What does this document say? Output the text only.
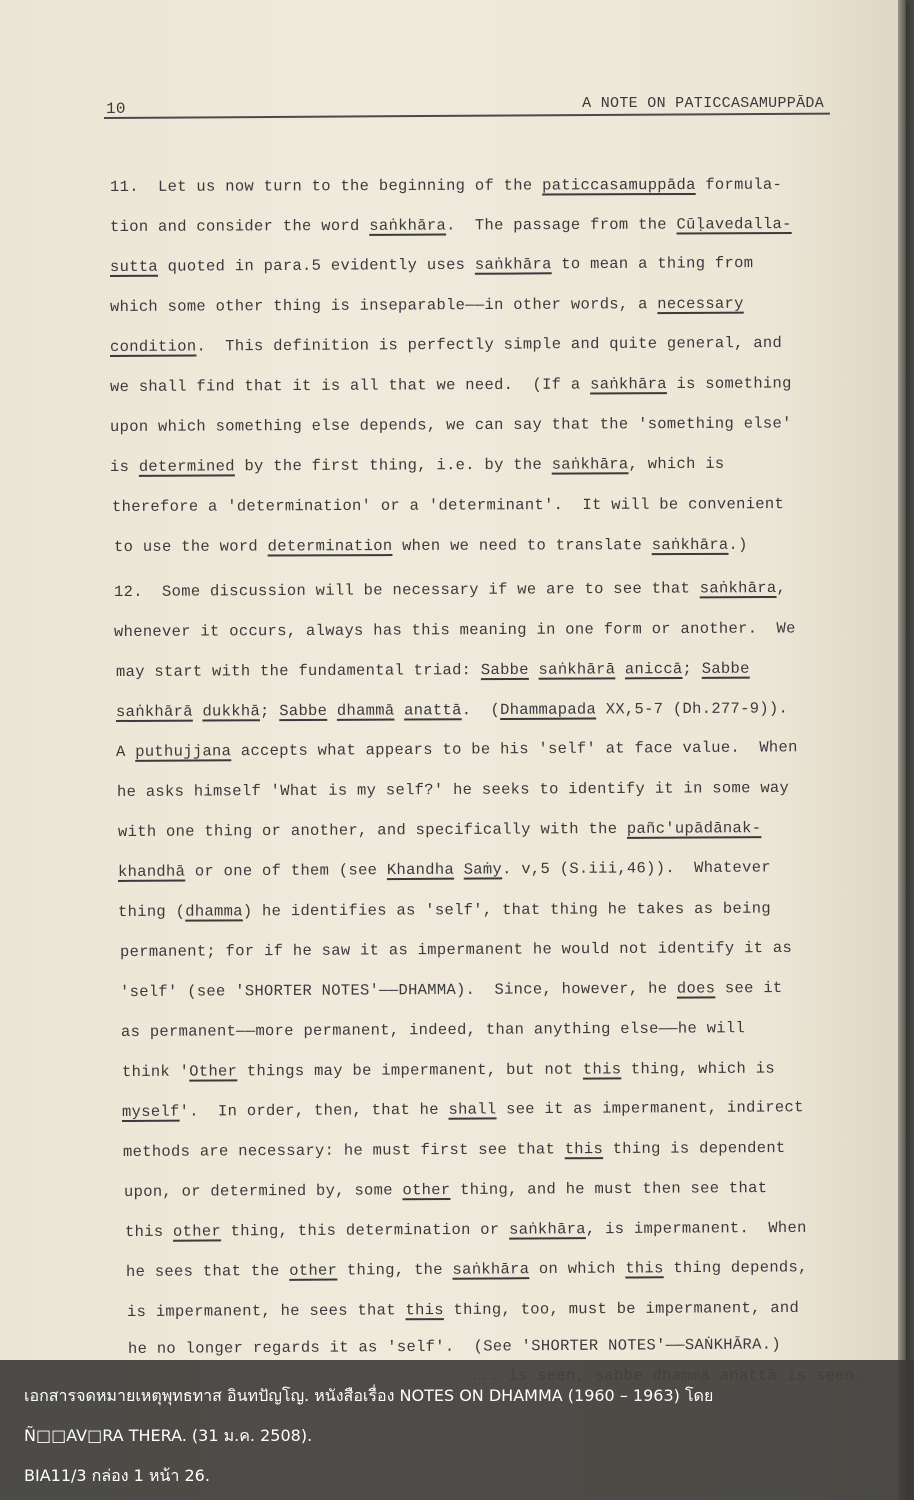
10	A NOTE ON PATICCASAMUPPĀDA
11.  Let us now turn to the beginning of the paticcasamuppāda formula-
tion and consider the word saṅkhāra.  The passage from the Cūḷavedalla-
sutta quoted in para.5 evidently uses saṅkhāra to mean a thing from
which some other thing is inseparable——in other words, a necessary
condition.  This definition is perfectly simple and quite general, and
we shall find that it is all that we need.  (If a saṅkhāra is something
upon which something else depends, we can say that the 'something else'
is determined by the first thing, i.e. by the saṅkhāra, which is
therefore a 'determination' or a 'determinant'.  It will be convenient
to use the word determination when we need to translate saṅkhāra.)
12.  Some discussion will be necessary if we are to see that saṅkhāra,
whenever it occurs, always has this meaning in one form or another.  We
may start with the fundamental triad: Sabbe saṅkhārā aniccā; Sabbe
saṅkhārā dukkhā; Sabbe dhammā anattā.  (Dhammapada XX,5-7 (Dh.277-9)).
A puthujjana accepts what appears to be his 'self' at face value.  When
he asks himself 'What is my self?' he seeks to identify it in some way
with one thing or another, and specifically with the pañc'upādānak-
khandhā or one of them (see Khandha Saṁy. v,5 (S.iii,46)).  Whatever
thing (dhamma) he identifies as 'self', that thing he takes as being
permanent; for if he saw it as impermanent he would not identify it as
'self' (see 'SHORTER NOTES'——DHAMMA).  Since, however, he does see it
as permanent——more permanent, indeed, than anything else——he will
think 'Other things may be impermanent, but not this thing, which is
myself'.  In order, then, that he shall see it as impermanent, indirect
methods are necessary: he must first see that this thing is dependent
upon, or determined by, some other thing, and he must then see that
this other thing, this determination or saṅkhāra, is impermanent.  When
he sees that the other thing, the saṅkhāra on which this thing depends,
is impermanent, he sees that this thing, too, must be impermanent, and
he no longer regards it as 'self'.  (See 'SHORTER NOTES'——SAṄKHĀRA.)
เอกสารจดหมายเหตุพุทธทาส อินทปัญโญ. หนังสือเรื่อง NOTES ON DHAMMA (1960 – 1963) โดย
Ñ□□AV□RA THERA. (31 ม.ค. 2508).
BIA11/3 กล่อง 1 หน้า 26.
